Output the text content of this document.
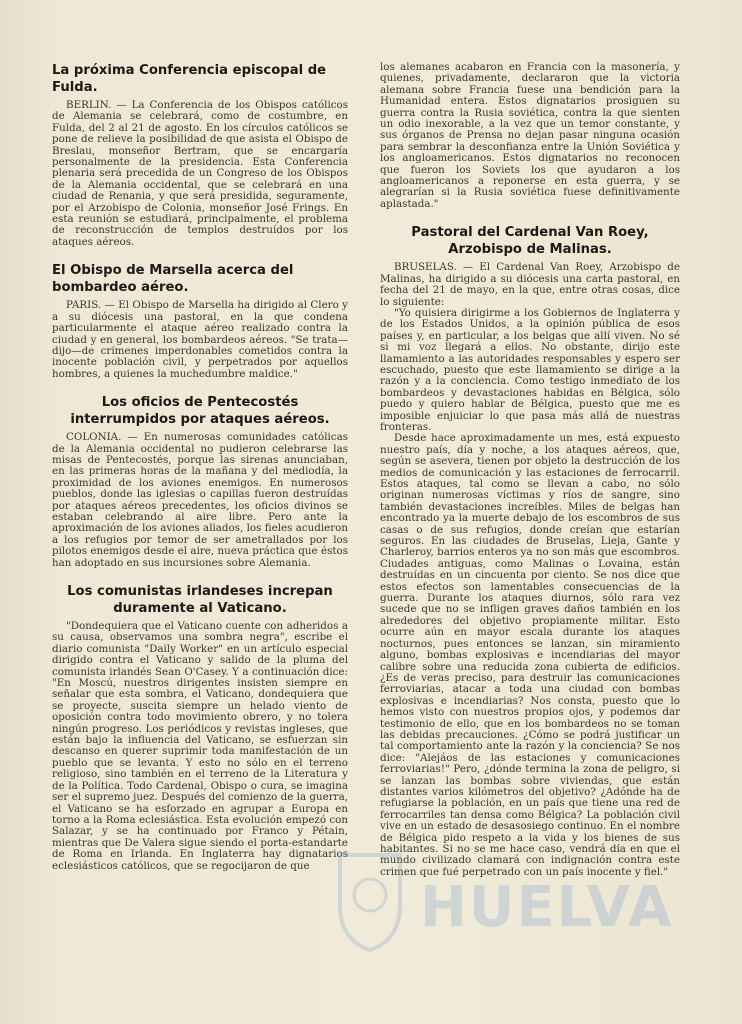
La próxima Conferencia episcopal de Fulda.

BERLIN. — La Conferencia de los Obispos católicos de Alemania se celebrará, como de costumbre, en Fulda, del 2 al 21 de agosto. En los círculos católicos se pone de relieve la posibilidad de que asista el Obispo de Breslau, monseñor Bertram, que se encargaría personalmente de la presidencia. Esta Conferencia plenaria será precedida de un Congreso de los Obispos de la Alemania occidental, que se celebrará en una ciudad de Renania, y que será presidida, seguramente, por el Arzobispo de Colonia, monseñor José Frings. En esta reunión se estudiará, principalmente, el problema de reconstrucción de templos destruídos por los ataques aéreos.

El Obispo de Marsella acerca del bombardeo aéreo.

PARIS. — El Obispo de Marsella ha dirigido al Clero y a su diócesis una pastoral, en la que condena particularmente el ataque aéreo realizado contra la ciudad y en general, los bombardeos aéreos. "Se trata—dijo—de crímenes imperdonables cometidos contra la inocente población civil, y perpetrados por aquellos hombres, a quienes la muchedumbre maldice."

Los oficios de Pentecostés interrumpidos por ataques aéreos.

COLONIA. — En numerosas comunidades católicas de la Alemania occidental no pudieron celebrarse las misas de Pentecostés, porque las sirenas anunciaban, en las primeras horas de la mañana y del mediodía, la proximidad de los aviones enemigos. En numerosos pueblos, donde las iglesias o capillas fueron destruídas por ataques aéreos precedentes, los oficios divinos se estaban celebrando al aire libre. Pero ante la aproximación de los aviones aliados, los fieles acudieron a los refugios por temor de ser ametrallados por los pilotos enemigos desde el aire, nueva práctica que éstos han adoptado en sus incursiones sobre Alemania.

Los comunistas irlandeses increpan duramente al Vaticano.

"Dondequiera que el Vaticano cuente con adheridos a su causa, observamos una sombra negra", escribe el diario comunista "Daily Worker" en un artículo especial dirigido contra el Vaticano y salido de la pluma del comunista irlandés Sean O'Casey. Y a continuación dice: "En Moscú, nuestros dirigentes insisten siempre en señalar que esta sombra, el Vaticano, dondequiera que se proyecte, suscita siempre un helado viento de oposición contra todo movimiento obrero, y no tolera ningún progreso. Los periódicos y revistas ingleses, que están bajo la influencia del Vaticano, se esfuerzan sin descanso en querer suprimir toda manifestación de un pueblo que se levanta. Y esto no sólo en el terreno religioso, sino también en el terreno de la Literatura y de la Política. Todo Cardenal, Obispo o cura, se imagina ser el supremo juez. Después del comienzo de la guerra, el Vaticano se ha esforzado en agrupar a Europa en torno a la Roma eclesiástica. Esta evolución empezó con Salazar, y se ha continuado por Franco y Pétain, mientras que De Valera sigue siendo el porta-estandarte de Roma en Irlanda. En Inglaterra hay dignatarios eclesiásticos católicos, que se regocijaron de que

los alemanes acabaron en Francia con la masonería, y quienes, privadamente, declararon que la victoria alemana sobre Francia fuese una bendición para la Humanidad entera. Estos dignatarios prosiguen su guerra contra la Rusia soviética, contra la que sienten un odio inexorable, a la vez que un temor constante, y sus órganos de Prensa no dejan pasar ninguna ocasión para sembrar la desconfianza entre la Unión Soviética y los angloamericanos. Estos dignatarios no reconocen que fueron los Soviets los que ayudaron a los angloamericanos a reponerse en esta guerra, y se alegrarían si la Rusia soviética fuese definitivamente aplastada."

Pastoral del Cardenal Van Roey, Arzobispo de Malinas.

BRUSELAS. — El Cardenal Van Roey, Arzobispo de Malinas, ha dirigido a su diócesis una carta pastoral, en fecha del 21 de mayo, en la que, entre otras cosas, dice lo siguiente:

"Yo quisiera dirigirme a los Gobiernos de Inglaterra y de los Estados Unidos, a la opinión pública de esos países y, en particular, a los belgas que allí viven. No sé si mi voz llegará a ellos. No obstante, dirijo este llamamiento a las autoridades responsables y espero ser escuchado, puesto que este llamamiento se dirige a la razón y a la conciencia. Como testigo inmediato de los bombardeos y devastaciones habidas en Bélgica, sólo puedo y quiero hablar de Bélgica, puesto que me es imposible enjuiciar lo que pasa más allá de nuestras fronteras.

Desde hace aproximadamente un mes, está expuesto nuestro país, día y noche, a los ataques aéreos, que, según se asevera, tienen por objeto la destrucción de los medios de comunicación y las estaciones de ferrocarril. Estos ataques, tal como se llevan a cabo, no sólo originan numerosas víctimas y ríos de sangre, sino también devastaciones increíbles. Miles de belgas han encontrado ya la muerte debajo de los escombros de sus casas o de sus refugios, donde creían que estarían seguros. En las ciudades de Bruselas, Lieja, Gante y Charleroy, barrios enteros ya no son más que escombros. Ciudades antiguas, como Malinas o Lovaina, están destruídas en un cincuenta por ciento. Se nos dice que estos efectos son lamentables consecuencias de la guerra. Durante los ataques diurnos, sólo rara vez sucede que no se infligen graves daños también en los alrededores del objetivo propiamente militar. Esto ocurre aún en mayor escala durante los ataques nocturnos, pues entonces se lanzan, sin miramiento alguno, bombas explosivas e incendiarias del mayor calibre sobre una reducida zona cubierta de edificios. ¿Es de veras preciso, para destruir las comunicaciones ferroviarias, atacar a toda una ciudad con bombas explosivas e incendiarias? Nos consta, puesto que lo hemos visto con nuestros propios ojos, y podemos dar testimonio de ello, que en los bombardeos no se toman las debidas precauciones. ¿Cómo se podrá justificar un tal comportamiento ante la razón y la conciencia? Se nos dice: "Alejáos de las estaciones y comunicaciones ferroviarias!" Pero, ¿dónde termina la zona de peligro, si se lanzan las bombas sobre viviendas, que están distantes varios kilómetros del objetivo? ¿Adónde ha de refugiarse la población, en un país que tiene una red de ferrocarriles tan densa como Bélgica? La población civil vive en un estado de desasosiego continuo. En el nombre de Bélgica pido respeto a la vida y los bienes de sus habitantes. Si no se me hace caso, vendrá día en que el mundo civilizado clamará con indignación contra este crimen que fué perpetrado con un país inocente y fiel."

HUELVA
